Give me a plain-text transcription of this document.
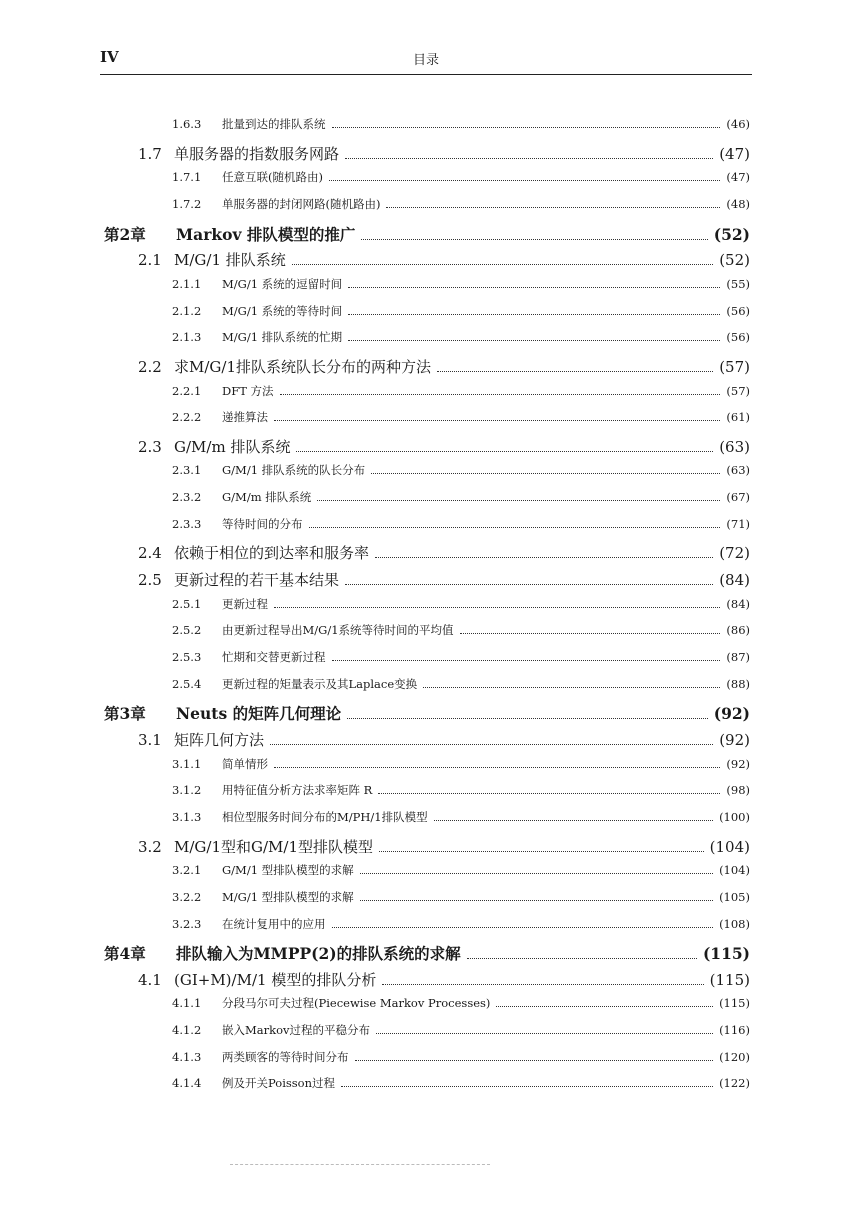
IV	目录
1.6.3	批量到达的排队系统	(46)
1.7 单服务器的指数服务网路	(47)
1.7.1	任意互联(随机路由)	(47)
1.7.2	单服务器的封闭网路(随机路由)	(48)
第2章	Markov 排队模型的推广	(52)
2.1 M/G/1 排队系统	(52)
2.1.1	M/G/1 系统的逗留时间	(55)
2.1.2	M/G/1 系统的等待时间	(56)
2.1.3	M/G/1 排队系统的忙期	(56)
2.2 求M/G/1排队系统队长分布的两种方法	(57)
2.2.1	DFT 方法	(57)
2.2.2	递推算法	(61)
2.3 G/M/m 排队系统	(63)
2.3.1	G/M/1 排队系统的队长分布	(63)
2.3.2	G/M/m 排队系统	(67)
2.3.3	等待时间的分布	(71)
2.4 依赖于相位的到达率和服务率	(72)
2.5 更新过程的若干基本结果	(84)
2.5.1	更新过程	(84)
2.5.2	由更新过程导出M/G/1系统等待时间的平均值	(86)
2.5.3	忙期和交替更新过程	(87)
2.5.4	更新过程的矩量表示及其Laplace变换	(88)
第3章	Neuts 的矩阵几何理论	(92)
3.1 矩阵几何方法	(92)
3.1.1	简单情形	(92)
3.1.2	用特征值分析方法求率矩阵 R	(98)
3.1.3	相位型服务时间分布的M/PH/1排队模型	(100)
3.2 M/G/1型和G/M/1型排队模型	(104)
3.2.1	G/M/1 型排队模型的求解	(104)
3.2.2	M/G/1 型排队模型的求解	(105)
3.2.3	在统计复用中的应用	(108)
第4章	排队输入为MMPP(2)的排队系统的求解	(115)
4.1 (GI+M)/M/1 模型的排队分析	(115)
4.1.1	分段马尔可夫过程(Piecewise Markov Processes)	(115)
4.1.2	嵌入Markov过程的平稳分布	(116)
4.1.3	两类顾客的等待时间分布	(120)
4.1.4	例及开关Poisson过程	(122)
